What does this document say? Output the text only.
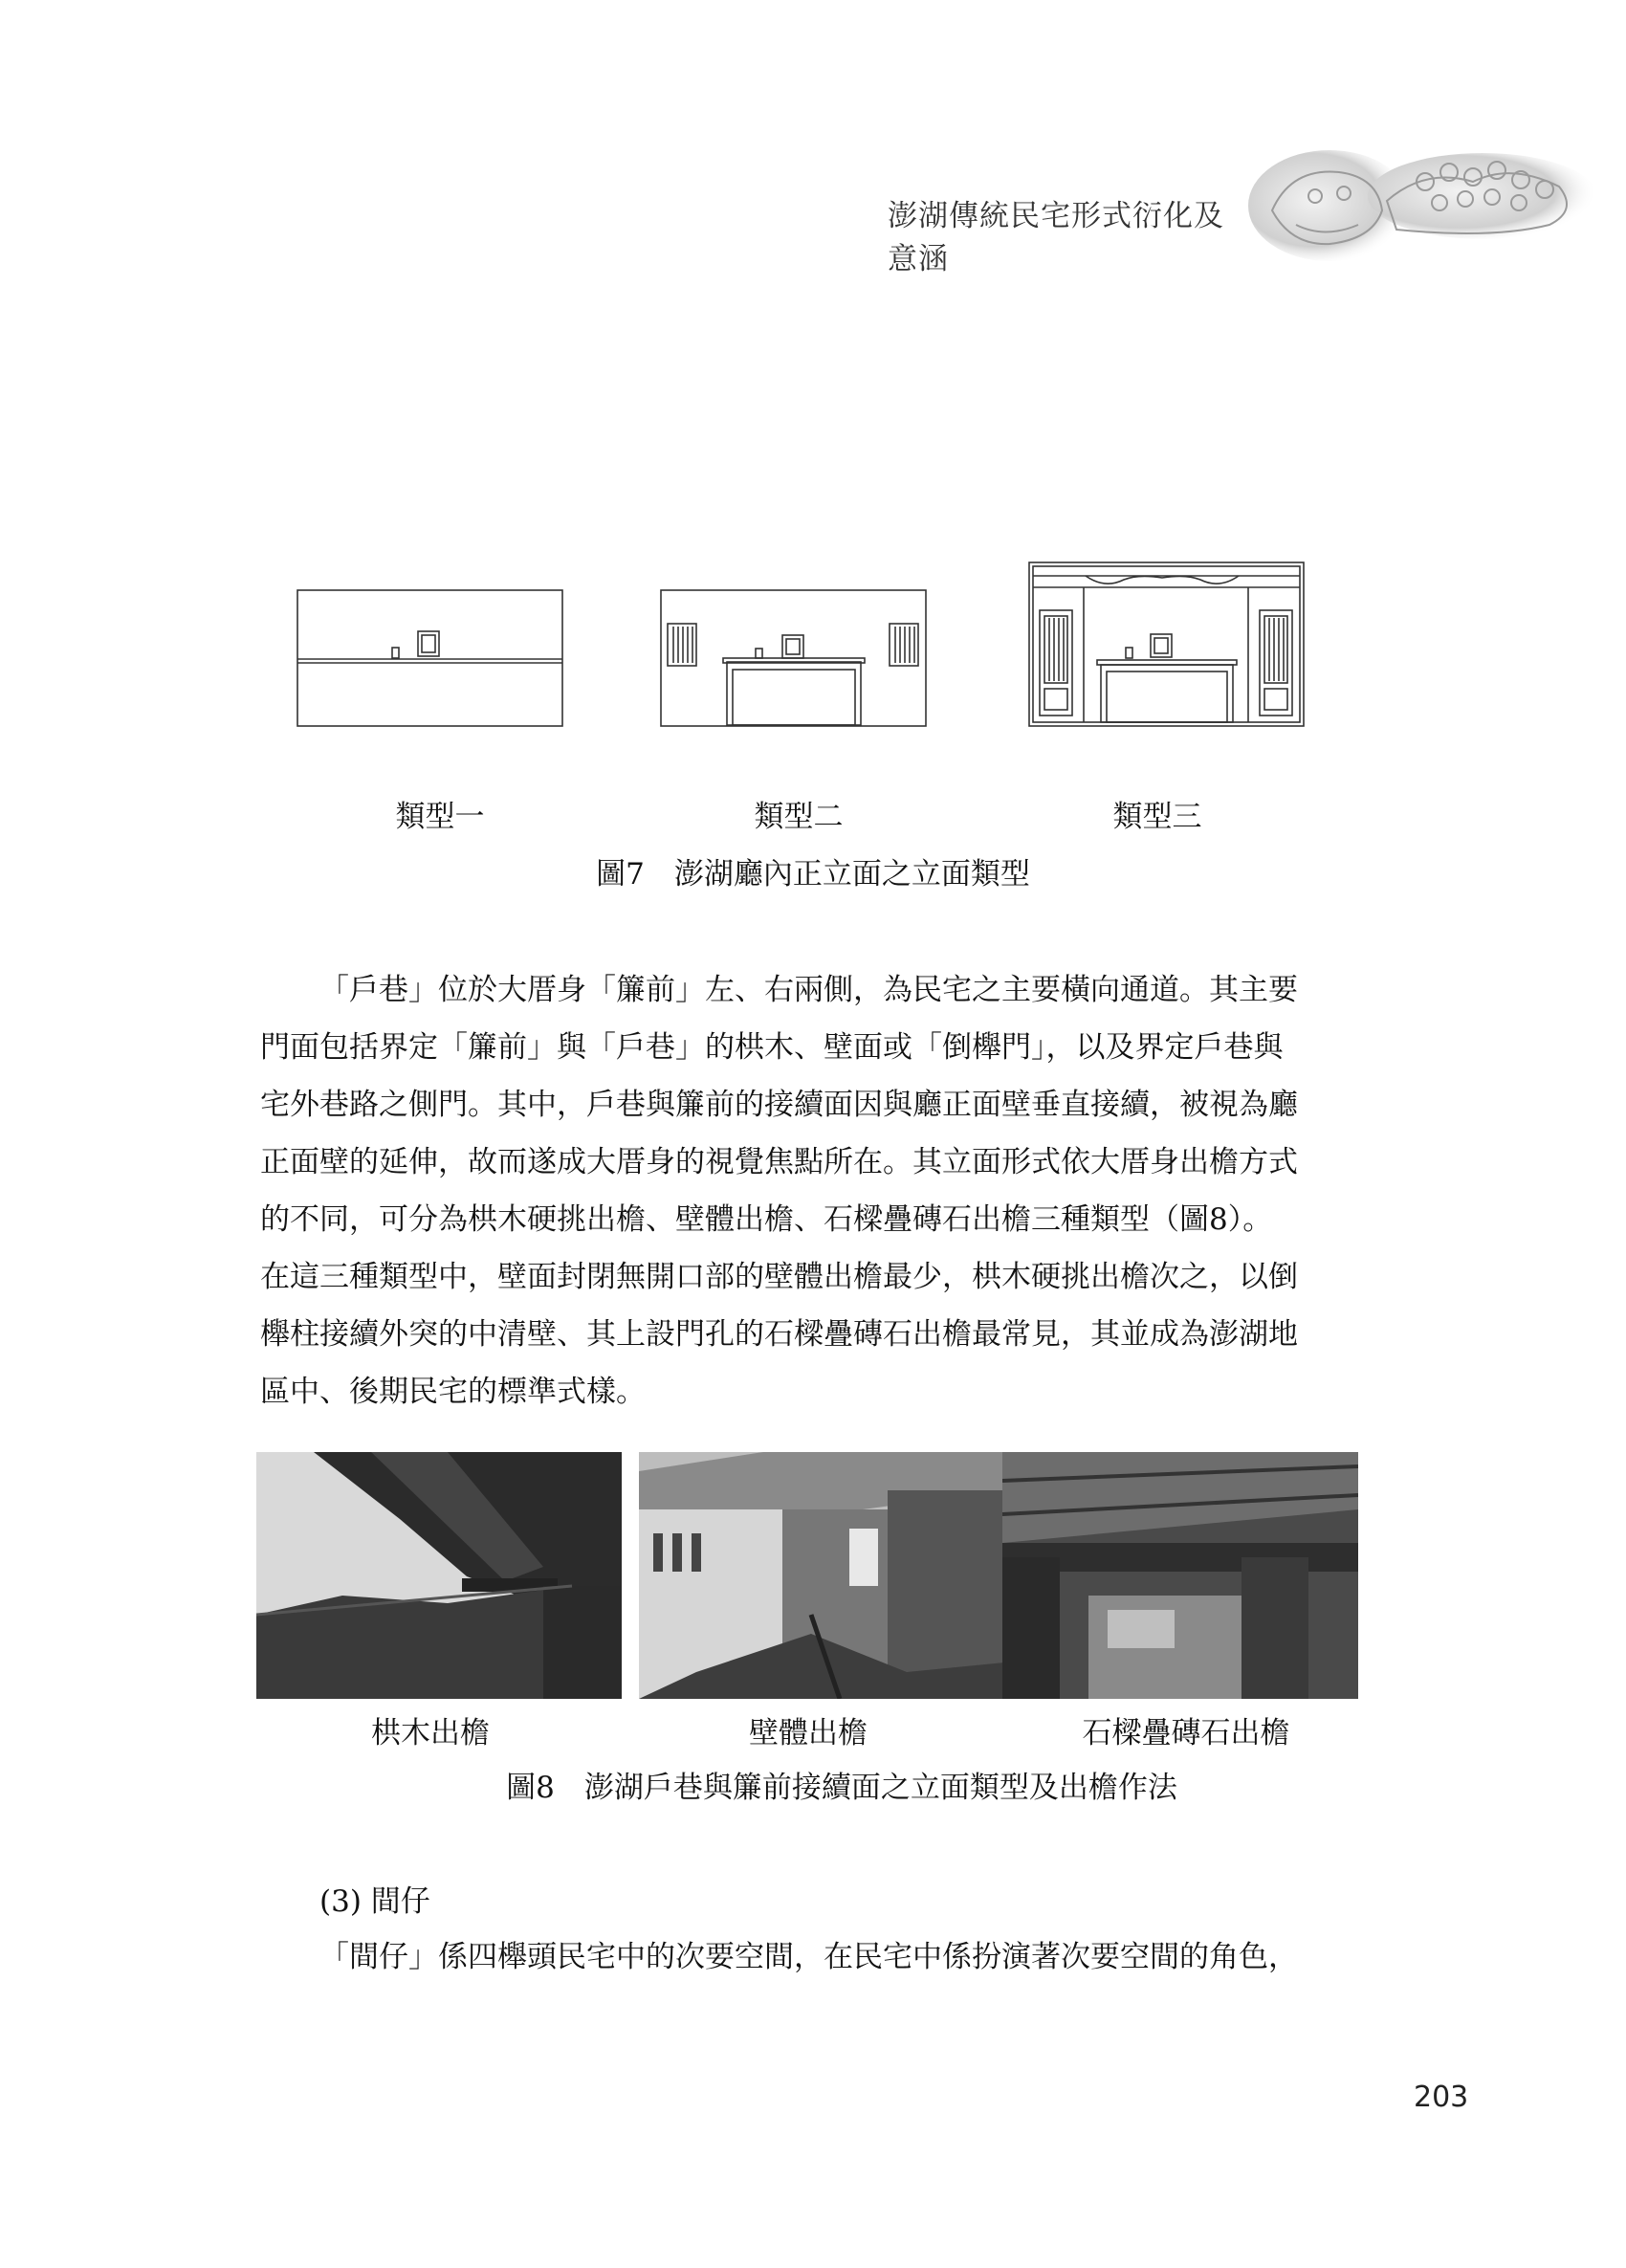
澎湖傳統民宅形式衍化及意涵
類型一	類型二	類型三
圖7　澎湖廳內正立面之立面類型
「戶巷」位於大厝身「簾前」左、右兩側，為民宅之主要橫向通道。其主要
門面包括界定「簾前」與「戶巷」的栱木、壁面或「倒櫸門」，以及界定戶巷與
宅外巷路之側門。其中，戶巷與簾前的接續面因與廳正面壁垂直接續，被視為廳
正面壁的延伸，故而遂成大厝身的視覺焦點所在。其立面形式依大厝身出檐方式
的不同，可分為栱木硬挑出檐、壁體出檐、石樑疊磚石出檐三種類型（圖8）。
在這三種類型中，壁面封閉無開口部的壁體出檐最少，栱木硬挑出檐次之，以倒
櫸柱接續外突的中清壁、其上設門孔的石樑疊磚石出檐最常見，其並成為澎湖地
區中、後期民宅的標準式樣。
栱木出檐	壁體出檐	石樑疊磚石出檐
圖8　澎湖戶巷與簾前接續面之立面類型及出檐作法
(3) 間仔
「間仔」係四櫸頭民宅中的次要空間，在民宅中係扮演著次要空間的角色，
203
